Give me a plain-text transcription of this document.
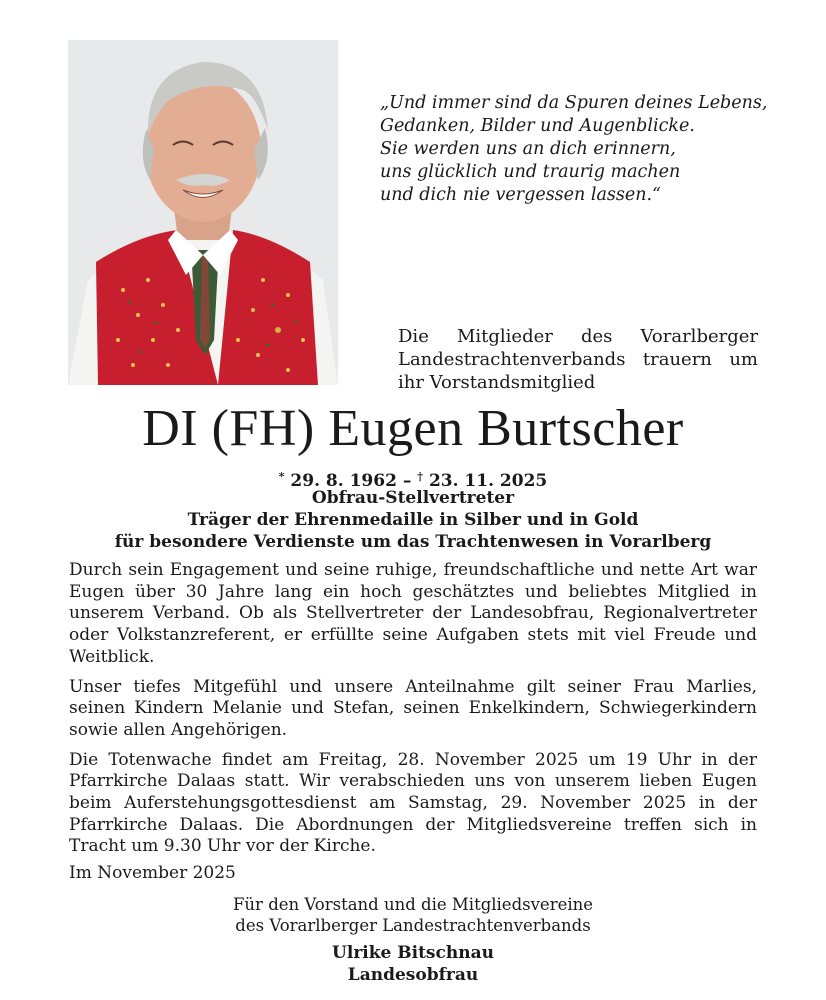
„Und immer sind da Spuren deines Lebens,
Gedanken, Bilder und Augenblicke.
Sie werden uns an dich erinnern,
uns glücklich und traurig machen
und dich nie vergessen lassen.“
Die Mitglieder des Vorarlberger
Landestrachtenverbands trauern um
ihr Vorstandsmitglied
DI (FH) Eugen Burtscher
* 29. 8. 1962 – † 23. 11. 2025
Obfrau-Stellvertreter
Träger der Ehrenmedaille in Silber und in Gold
für besondere Verdienste um das Trachtenwesen in Vorarlberg

Durch sein Engagement und seine ruhige, freundschaftliche und nette Art war Eugen über 30 Jahre lang ein hoch geschätztes und beliebtes Mitglied in unserem Verband. Ob als Stellvertreter der Landesobfrau, Regionalvertreter oder Volkstanzreferent, er erfüllte seine Aufgaben stets mit viel Freude und Weitblick.

Unser tiefes Mitgefühl und unsere Anteilnahme gilt seiner Frau Marlies, seinen Kindern Melanie und Stefan, seinen Enkelkindern, Schwiegerkindern sowie allen Angehörigen.

Die Totenwache findet am Freitag, 28. November 2025 um 19 Uhr in der Pfarrkirche Dalaas statt. Wir verabschieden uns von unserem lieben Eugen beim Auferstehungsgottesdienst am Samstag, 29. November 2025 in der Pfarrkirche Dalaas. Die Abordnungen der Mitgliedsvereine treffen sich in Tracht um 9.30 Uhr vor der Kirche.

Im November 2025
Für den Vorstand und die Mitgliedsvereine
des Vorarlberger Landestrachtenverbands
Ulrike Bitschnau
Landesobfrau
